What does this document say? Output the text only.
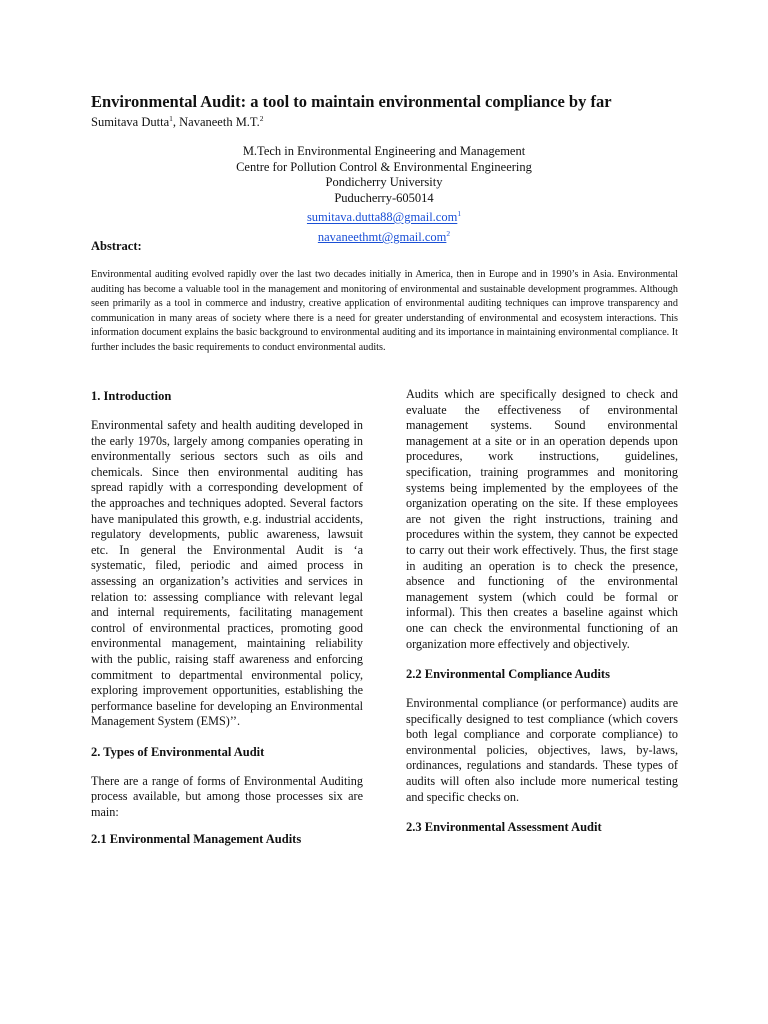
Environmental Audit: a tool to maintain environmental compliance by far
Sumitava Dutta$^1$, Navaneeth M.T.$^2$
M.Tech in Environmental Engineering and Management
Centre for Pollution Control & Environmental Engineering
Pondicherry University
Puducherry-605014
sumitava.dutta88@gmail.com$^1$
navaneethmt@gmail.com$^2$
Abstract:
Environmental auditing evolved rapidly over the last two decades initially in America, then in Europe and in 1990’s in Asia. Environmental auditing has become a valuable tool in the management and monitoring of environmental and sustainable development programmes. Although seen primarily as a tool in commerce and industry, creative application of environmental auditing techniques can improve transparency and communication in many areas of society where there is a need for greater understanding of environmental and ecosystem interactions. This information document explains the basic background to environmental auditing and its importance in maintaining environmental compliance. It further includes the basic requirements to conduct environmental audits.
1. Introduction

Environmental safety and health auditing developed in the early 1970s, largely among companies operating in environmentally serious sectors such as oils and chemicals. Since then environmental auditing has spread rapidly with a corresponding development of the approaches and techniques adopted. Several factors have manipulated this growth, e.g. industrial accidents, regulatory developments, public awareness, lawsuit etc. In general the Environmental Audit is ‘a systematic, filed, periodic and aimed process in assessing an organization’s activities and services in relation to: assessing compliance with relevant legal and internal requirements, facilitating management control of environmental practices, promoting good environmental management, maintaining reliability with the public, raising staff awareness and enforcing commitment to departmental environmental policy, exploring improvement opportunities, establishing the performance baseline for developing an Environmental Management System (EMS)’’.

2. Types of Environmental Audit

There are a range of forms of Environmental Auditing process available, but among those processes six are main:

2.1 Environmental Management Audits

Audits which are specifically designed to check and evaluate the effectiveness of environmental management systems. Sound environmental management at a site or in an operation depends upon procedures, work instructions, guidelines, specification, training programmes and monitoring systems being implemented by the employees of the organization operating on the site. If these employees are not given the right instructions, training and procedures within the system, they cannot be expected to carry out their work effectively. Thus, the first stage in auditing an operation is to check the presence, absence and functioning of the environmental management system (which could be formal or informal). This then creates a baseline against which one can check the environmental functioning of an organization more effectively and objectively.

2.2 Environmental Compliance Audits

Environmental compliance (or performance) audits are specifically designed to test compliance (which covers both legal compliance and corporate compliance) to environmental policies, objectives, laws, by-laws, ordinances, regulations and standards. These types of audits will often also include more numerical testing and specific checks on.

2.3 Environmental Assessment Audit
